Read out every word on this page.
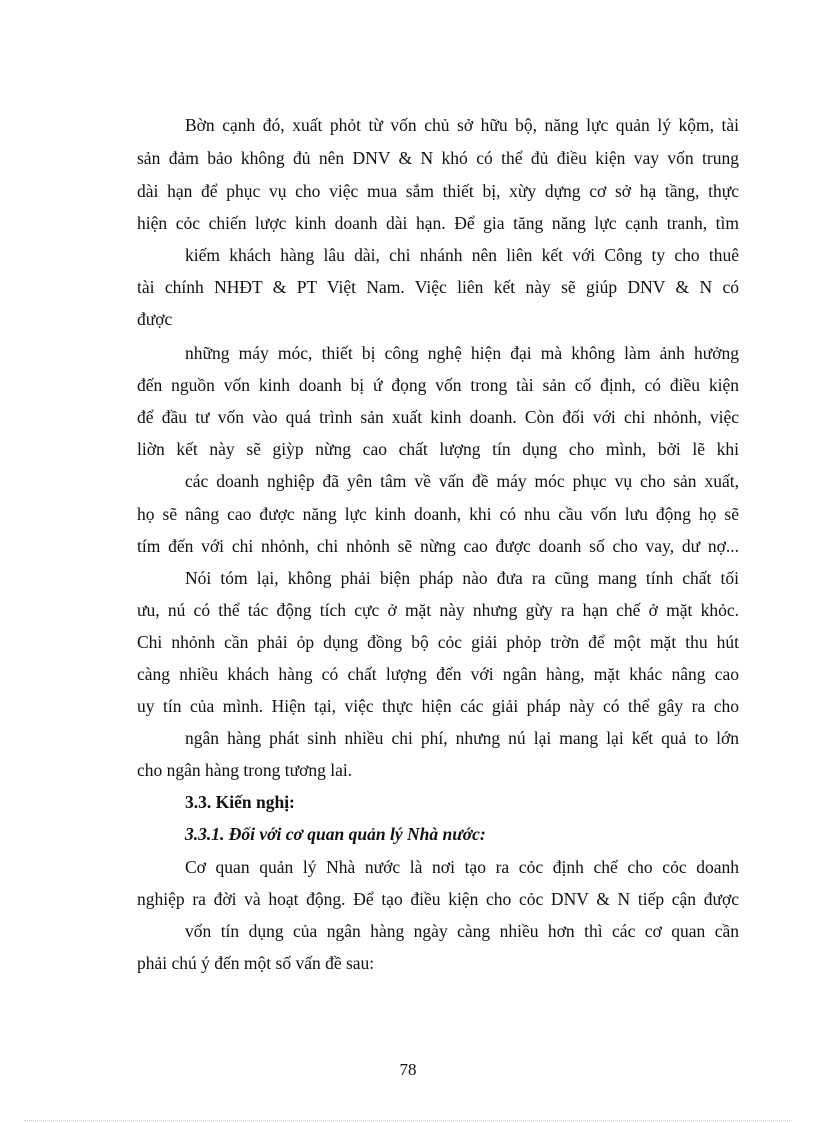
Bờn cạnh đó, xuất phỏt từ vốn chủ sở hữu bộ, năng lực quản lý kộm, tài

sản đảm bảo không đủ nên DNV & N khó có thể đủ điều kiện vay vốn trung

dài hạn để phục vụ cho việc mua sắm thiết bị, xừy dựng cơ sở hạ tầng, thực

hiện cỏc chiến lược kinh doanh dài hạn. Để gia tăng năng lực cạnh tranh, tìm

kiếm khách hàng lâu dài, chi nhánh nên liên kết với Công ty cho thuê

tài chính NHĐT & PT Việt Nam. Việc liên kết này sẽ giúp DNV & N có

được

những máy móc, thiết bị công nghệ hiện đại mà không làm ảnh hưởng

đến nguồn vốn kinh doanh bị ứ đọng vốn trong tài sản cố định, có điều kiện

để đầu tư vốn vào quá trình sản xuất kinh doanh. Còn đối với chi nhỏnh, việc

liờn kết này sẽ giỳp nừng cao chất lượng tín dụng cho mình, bởi lẽ khi

các doanh nghiệp đã yên tâm về vấn đề máy móc phục vụ cho sản xuất,

họ sẽ nâng cao được năng lực kinh doanh, khi có nhu cầu vốn lưu động họ sẽ

tím đến với chi nhỏnh, chi nhỏnh sẽ nừng cao được doanh số cho vay, dư nợ...

Nói tóm lại, không phải biện pháp nào đưa ra cũng mang tính chất tối

ưu, nú có thể tác động tích cực ở mặt này nhưng gừy ra hạn chế ở mặt khỏc.

Chi nhỏnh cần phải ỏp dụng đồng bộ cỏc giải phỏp trờn để một mặt thu hút

càng nhiều khách hàng có chất lượng đến với ngân hàng, mặt khác nâng cao

uy tín của mình. Hiện tại, việc thực hiện các giải pháp này có thể gây ra cho

ngân hàng phát sinh nhiều chi phí, nhưng nú lại mang lại kết quả to lớn

cho ngân hàng trong tương lai.

3.3. Kiến nghị:

3.3.1. Đối với cơ quan quản lý Nhà nước:

Cơ quan quản lý Nhà nước là nơi tạo ra cỏc định chế cho cỏc doanh

nghiệp ra đời và hoạt động. Để tạo điều kiện cho cỏc DNV & N tiếp cận được

vốn tín dụng của ngân hàng ngày càng nhiều hơn thì các cơ quan cần

phải chú ý đến một số vấn đề sau:

78
